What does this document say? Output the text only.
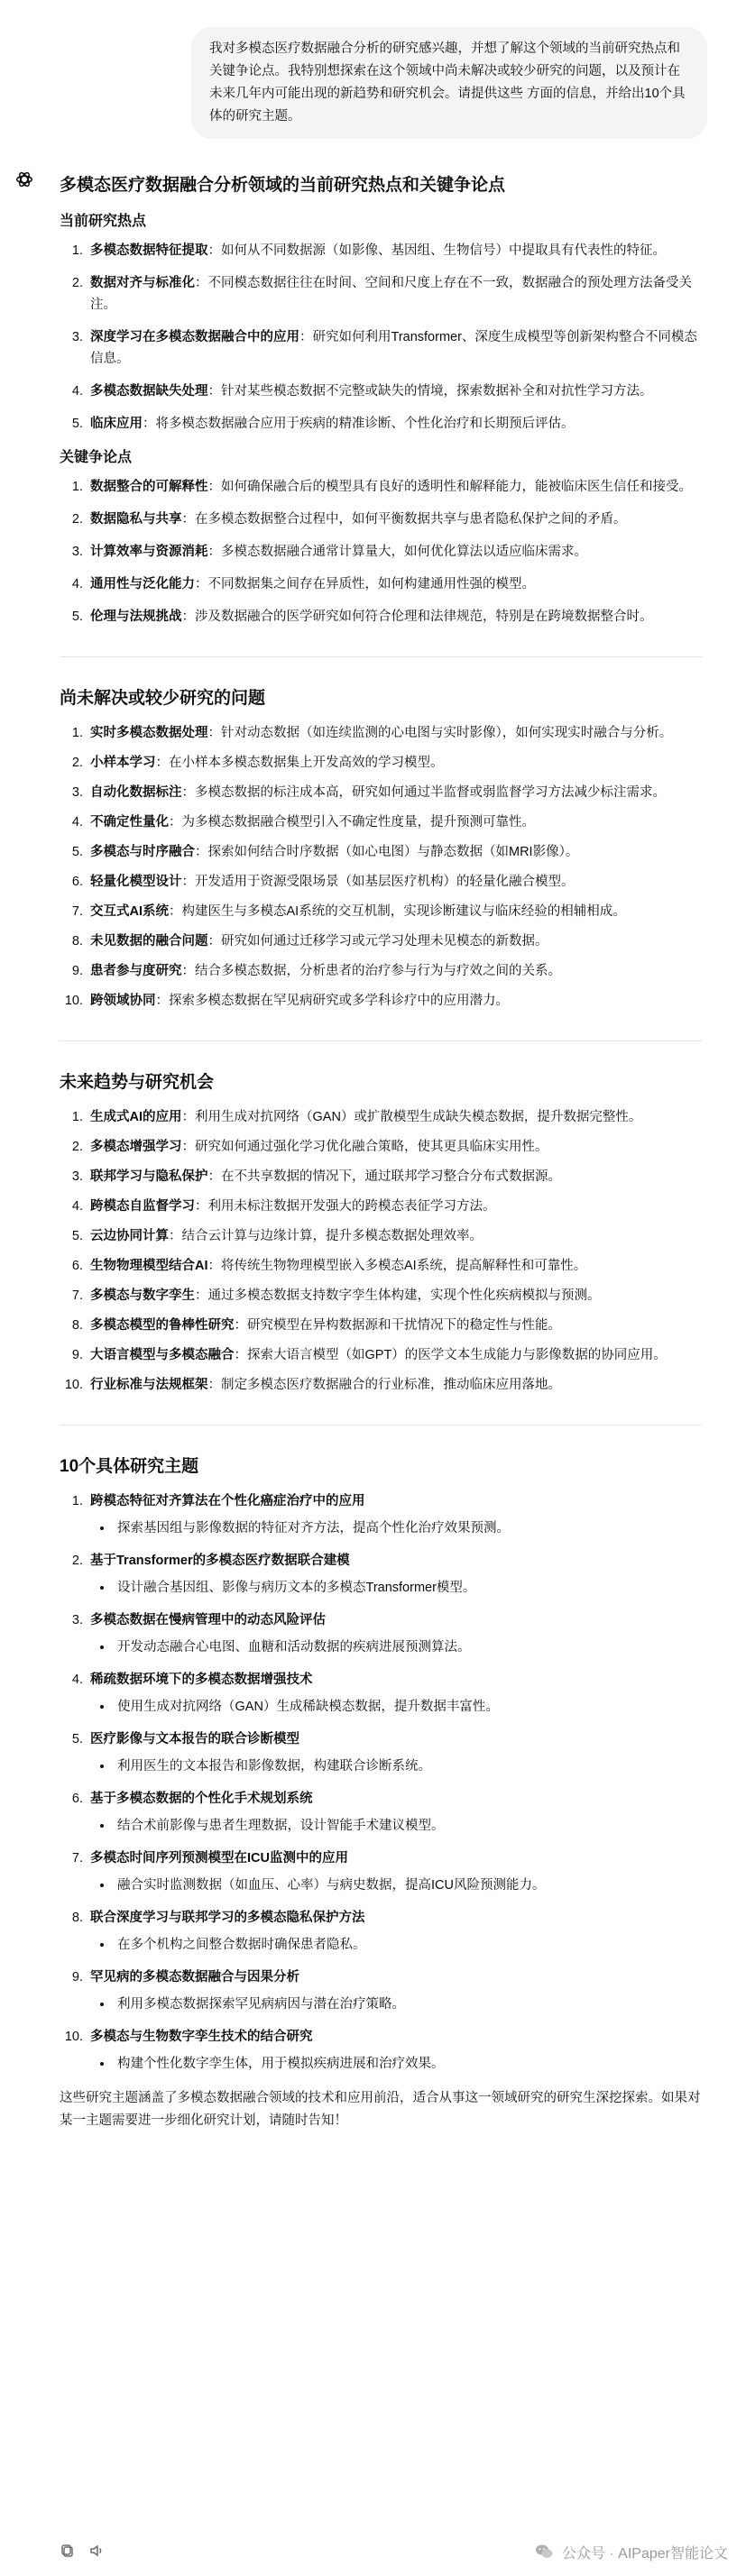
我对多模态医疗数据融合分析的研究感兴趣，并想了解这个领域的当前研究热点和关键争论点。我特别想探索在这个领域中尚未解决或较少研究的问题，以及预计在未来几年内可能出现的新趋势和研究机会。请提供这些 方面的信息，并给出10个具体的研究主题。
多模态医疗数据融合分析领域的当前研究热点和关键争论点
当前研究热点
1. 多模态数据特征提取：如何从不同数据源（如影像、基因组、生物信号）中提取具有代表性的特征。
2. 数据对齐与标准化：不同模态数据往往在时间、空间和尺度上存在不一致，数据融合的预处理方法备受关注。
3. 深度学习在多模态数据融合中的应用：研究如何利用Transformer、深度生成模型等创新架构整合不同模态信息。
4. 多模态数据缺失处理：针对某些模态数据不完整或缺失的情境，探索数据补全和对抗性学习方法。
5. 临床应用：将多模态数据融合应用于疾病的精准诊断、个性化治疗和长期预后评估。
关键争论点
1. 数据整合的可解释性：如何确保融合后的模型具有良好的透明性和解释能力，能被临床医生信任和接受。
2. 数据隐私与共享：在多模态数据整合过程中，如何平衡数据共享与患者隐私保护之间的矛盾。
3. 计算效率与资源消耗：多模态数据融合通常计算量大，如何优化算法以适应临床需求。
4. 通用性与泛化能力：不同数据集之间存在异质性，如何构建通用性强的模型。
5. 伦理与法规挑战：涉及数据融合的医学研究如何符合伦理和法律规范，特别是在跨境数据整合时。
尚未解决或较少研究的问题
1. 实时多模态数据处理：针对动态数据（如连续监测的心电图与实时影像），如何实现实时融合与分析。
2. 小样本学习：在小样本多模态数据集上开发高效的学习模型。
3. 自动化数据标注：多模态数据的标注成本高，研究如何通过半监督或弱监督学习方法减少标注需求。
4. 不确定性量化：为多模态数据融合模型引入不确定性度量，提升预测可靠性。
5. 多模态与时序融合：探索如何结合时序数据（如心电图）与静态数据（如MRI影像）。
6. 轻量化模型设计：开发适用于资源受限场景（如基层医疗机构）的轻量化融合模型。
7. 交互式AI系统：构建医生与多模态AI系统的交互机制，实现诊断建议与临床经验的相辅相成。
8. 未见数据的融合问题：研究如何通过迁移学习或元学习处理未见模态的新数据。
9. 患者参与度研究：结合多模态数据，分析患者的治疗参与行为与疗效之间的关系。
10. 跨领域协同：探索多模态数据在罕见病研究或多学科诊疗中的应用潜力。
未来趋势与研究机会
1. 生成式AI的应用：利用生成对抗网络（GAN）或扩散模型生成缺失模态数据，提升数据完整性。
2. 多模态增强学习：研究如何通过强化学习优化融合策略，使其更具临床实用性。
3. 联邦学习与隐私保护：在不共享数据的情况下，通过联邦学习整合分布式数据源。
4. 跨模态自监督学习：利用未标注数据开发强大的跨模态表征学习方法。
5. 云边协同计算：结合云计算与边缘计算，提升多模态数据处理效率。
6. 生物物理模型结合AI：将传统生物物理模型嵌入多模态AI系统，提高解释性和可靠性。
7. 多模态与数字孪生：通过多模态数据支持数字孪生体构建，实现个性化疾病模拟与预测。
8. 多模态模型的鲁棒性研究：研究模型在异构数据源和干扰情况下的稳定性与性能。
9. 大语言模型与多模态融合：探索大语言模型（如GPT）的医学文本生成能力与影像数据的协同应用。
10. 行业标准与法规框架：制定多模态医疗数据融合的行业标准，推动临床应用落地。
10个具体研究主题
1. 跨模态特征对齐算法在个性化癌症治疗中的应用
• 探索基因组与影像数据的特征对齐方法，提高个性化治疗效果预测。
2. 基于Transformer的多模态医疗数据联合建模
• 设计融合基因组、影像与病历文本的多模态Transformer模型。
3. 多模态数据在慢病管理中的动态风险评估
• 开发动态融合心电图、血糖和活动数据的疾病进展预测算法。
4. 稀疏数据环境下的多模态数据增强技术
• 使用生成对抗网络（GAN）生成稀缺模态数据，提升数据丰富性。
5. 医疗影像与文本报告的联合诊断模型
• 利用医生的文本报告和影像数据，构建联合诊断系统。
6. 基于多模态数据的个性化手术规划系统
• 结合术前影像与患者生理数据，设计智能手术建议模型。
7. 多模态时间序列预测模型在ICU监测中的应用
• 融合实时监测数据（如血压、心率）与病史数据，提高ICU风险预测能力。
8. 联合深度学习与联邦学习的多模态隐私保护方法
• 在多个机构之间整合数据时确保患者隐私。
9. 罕见病的多模态数据融合与因果分析
• 利用多模态数据探索罕见病病因与潜在治疗策略。
10. 多模态与生物数字孪生技术的结合研究
• 构建个性化数字孪生体，用于模拟疾病进展和治疗效果。
这些研究主题涵盖了多模态数据融合领域的技术和应用前沿，适合从事这一领域研究的研究生深挖探索。如果对某一主题需要进一步细化研究计划，请随时告知！
公众号 · AIPaper智能论文
